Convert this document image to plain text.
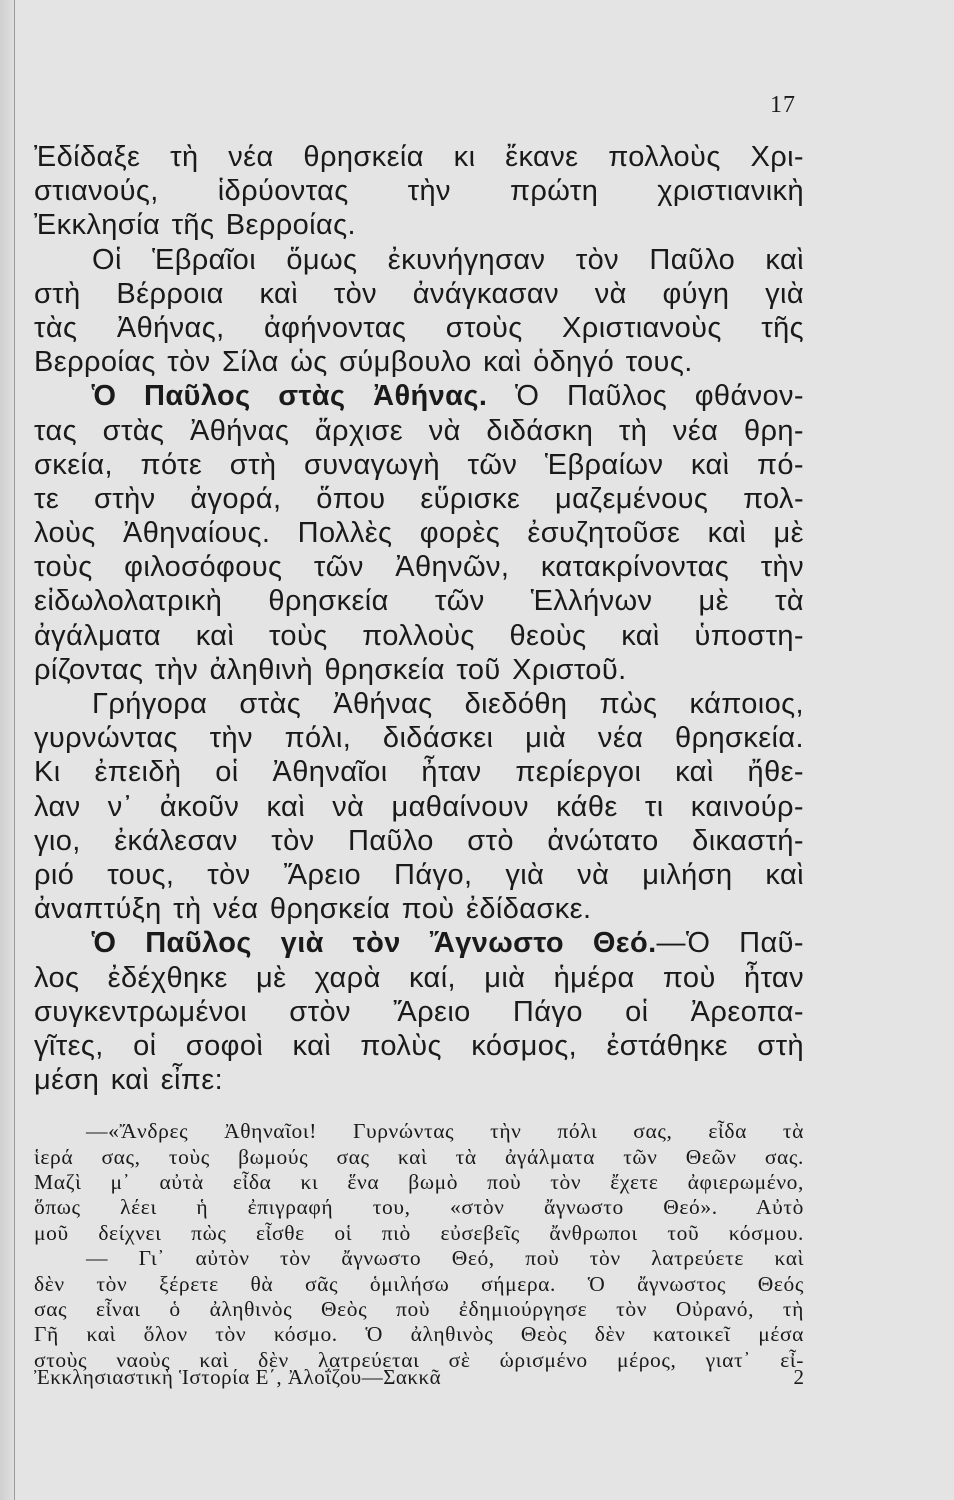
17
Ἐδίδαξε τὴ νέα θρησκεία κι ἔκανε πολλοὺς Χρι-
στιανούς, ἱδρύοντας τὴν πρώτη χριστιανικὴ
Ἐκκλησία τῆς Βερροίας.
Οἱ Ἑβραῖοι ὅμως ἐκυνήγησαν τὸν Παῦλο καὶ
στὴ Βέρροια καὶ τὸν ἀνάγκασαν νὰ φύγη γιὰ
τὰς Ἀθήνας, ἀφήνοντας στοὺς Χριστιανοὺς τῆς
Βερροίας τὸν Σίλα ὡς σύμβουλο καὶ ὁδηγό τους.
Ὁ Παῦλος στὰς Ἀθήνας. Ὁ Παῦλος φθάνον-
τας στὰς Ἀθήνας ἄρχισε νὰ διδάσκη τὴ νέα θρη-
σκεία, πότε στὴ συναγωγὴ τῶν Ἑβραίων καὶ πό-
τε στὴν ἀγορά, ὅπου εὕρισκε μαζεμένους πολ-
λοὺς Ἀθηναίους. Πολλὲς φορὲς ἐσυζητοῦσε καὶ μὲ
τοὺς φιλοσόφους τῶν Ἀθηνῶν, κατακρίνοντας τὴν
εἰδωλολατρικὴ θρησκεία τῶν Ἑλλήνων μὲ τὰ
ἀγάλματα καὶ τοὺς πολλοὺς θεοὺς καὶ ὑποστη-
ρίζοντας τὴν ἀληθινὴ θρησκεία τοῦ Χριστοῦ.
Γρήγορα στὰς Ἀθήνας διεδόθη πὼς κάποιος,
γυρνώντας τὴν πόλι, διδάσκει μιὰ νέα θρησκεία.
Κι ἐπειδὴ οἱ Ἀθηναῖοι ἦταν περίεργοι καὶ ἤθε-
λαν ν᾽ ἀκοῦν καὶ νὰ μαθαίνουν κάθε τι καινούρ-
γιο, ἐκάλεσαν τὸν Παῦλο στὸ ἀνώτατο δικαστή-
ριό τους, τὸν Ἄρειο Πάγο, γιὰ νὰ μιλήση καὶ
ἀναπτύξη τὴ νέα θρησκεία ποὺ ἐδίδασκε.
Ὁ Παῦλος γιὰ τὸν Ἄγνωστο Θεό.—Ὁ Παῦ-
λος ἐδέχθηκε μὲ χαρὰ καί, μιὰ ἡμέρα ποὺ ἦταν
συγκεντρωμένοι στὸν Ἄρειο Πάγο οἱ Ἀρεοπα-
γῖτες, οἱ σοφοὶ καὶ πολὺς κόσμος, ἐστάθηκε στὴ
μέση καὶ εἶπε:
—«Ἄνδρες Ἀθηναῖοι! Γυρνώντας τὴν πόλι σας, εἶδα τὰ
ἱερά σας, τοὺς βωμούς σας καὶ τὰ ἀγάλματα τῶν Θεῶν σας.
Μαζὶ μ᾽ αὐτὰ εἶδα κι ἕνα βωμὸ ποὺ τὸν ἔχετε ἀφιερωμένο,
ὅπως λέει ἡ ἐπιγραφή του, «στὸν ἄγνωστο Θεό». Αὐτὸ
μοῦ δείχνει πὼς εἶσθε οἱ πιὸ εὐσεβεῖς ἄνθρωποι τοῦ κόσμου.
— Γι᾽ αὐτὸν τὸν ἄγνωστο Θεό, ποὺ τὸν λατρεύετε καὶ
δὲν τὸν ξέρετε θὰ σᾶς ὁμιλήσω σήμερα. Ὁ ἄγνωστος Θεός
σας εἶναι ὁ ἀληθινὸς Θεὸς ποὺ ἐδημιούργησε τὸν Οὐρανό, τὴ
Γῆ καὶ ὅλον τὸν κόσμο. Ὁ ἀληθινὸς Θεὸς δὲν κατοικεῖ μέσα
στοὺς ναοὺς καὶ δὲν λατρεύεται σὲ ὡρισμένο μέρος, γιατ᾽ εἶ-
Ἐκκλησιαστικὴ Ἱστορία Ε΄, Ἀλοΐζου—Σακκᾶ	2
